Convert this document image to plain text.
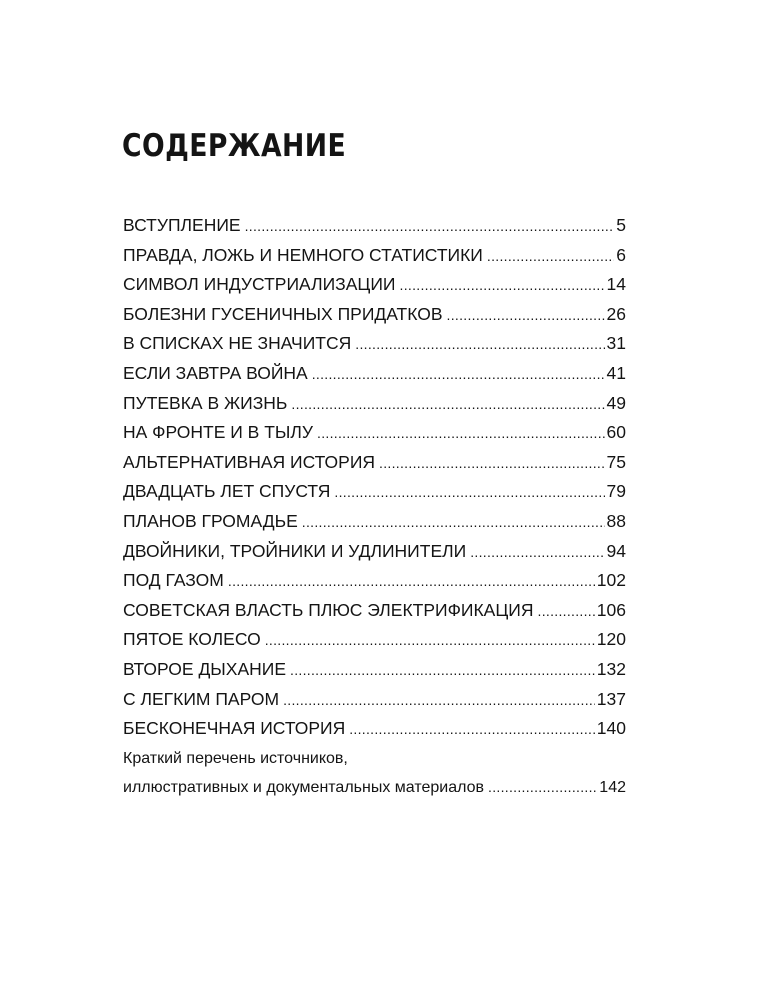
СОДЕРЖАНИЕ
ВСТУПЛЕНИЕ .....	5
ПРАВДА, ЛОЖЬ И НЕМНОГО СТАТИСТИКИ .....	6
СИМВОЛ ИНДУСТРИАЛИЗАЦИИ .....	14
БОЛЕЗНИ ГУСЕНИЧНЫХ ПРИДАТКОВ .....	26
В СПИСКАХ НЕ ЗНАЧИТСЯ .....	31
ЕСЛИ ЗАВТРА ВОЙНА .....	41
ПУТЕВКА В ЖИЗНЬ .....	49
НА ФРОНТЕ И В ТЫЛУ .....	60
АЛЬТЕРНАТИВНАЯ ИСТОРИЯ .....	75
ДВАДЦАТЬ ЛЕТ СПУСТЯ .....	79
ПЛАНОВ ГРОМАДЬЕ .....	88
ДВОЙНИКИ, ТРОЙНИКИ И УДЛИНИТЕЛИ .....	94
ПОД ГАЗОМ .....	102
СОВЕТСКАЯ ВЛАСТЬ ПЛЮС ЭЛЕКТРИФИКАЦИЯ .....	106
ПЯТОЕ КОЛЕСО .....	120
ВТОРОЕ ДЫХАНИЕ .....	132
С ЛЕГКИМ ПАРОМ .....	137
БЕСКОНЕЧНАЯ ИСТОРИЯ .....	140
Краткий перечень источников,
иллюстративных и документальных материалов .....	142
